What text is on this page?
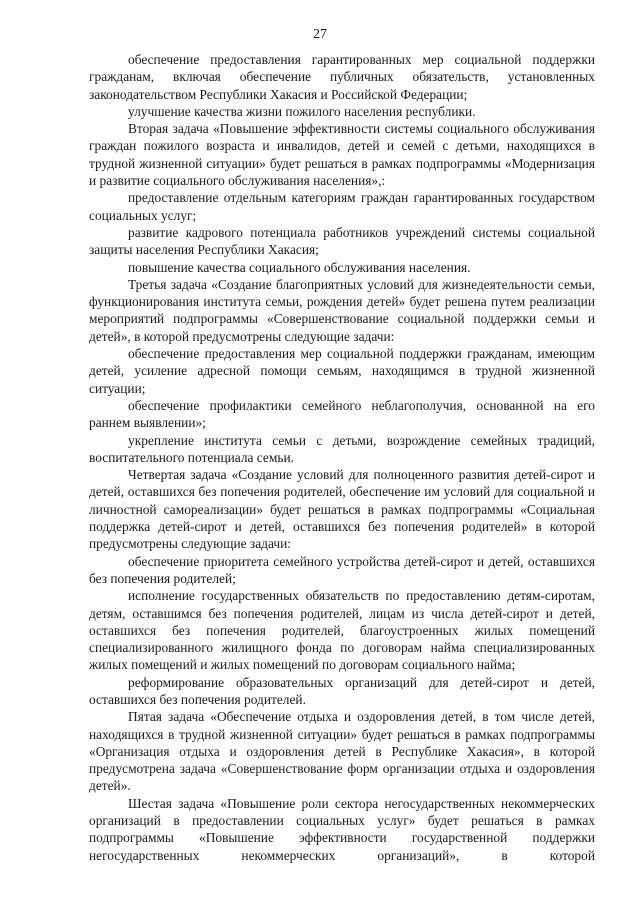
27

обеспечение предоставления гарантированных мер социальной поддержки гражданам, включая обеспечение публичных обязательств, установленных законодательством Республики Хакасия и Российской Федерации;

улучшение качества жизни пожилого населения республики.

Вторая задача «Повышение эффективности системы социального обслуживания граждан пожилого возраста и инвалидов, детей и семей с детьми, находящихся в трудной жизненной ситуации» будет решаться в рамках подпрограммы «Модернизация и развитие социального обслуживания населения»,:

предоставление отдельным категориям граждан гарантированных государством социальных услуг;

развитие кадрового потенциала работников учреждений системы социальной защиты населения Республики Хакасия;

повышение качества социального обслуживания населения.

Третья задача «Создание благоприятных условий для жизнедеятельности семьи, функционирования института семьи, рождения детей» будет решена путем реализации мероприятий подпрограммы «Совершенствование социальной поддержки семьи и детей», в которой предусмотрены следующие задачи:

обеспечение предоставления мер социальной поддержки гражданам, имеющим детей, усиление адресной помощи семьям, находящимся в трудной жизненной ситуации;

обеспечение профилактики семейного неблагополучия, основанной на его раннем выявлении»;

укрепление института семьи с детьми, возрождение семейных традиций, воспитательного потенциала семьи.

Четвертая задача «Создание условий для полноценного развития детей-сирот и детей, оставшихся без попечения родителей, обеспечение им условий для социальной и личностной самореализации» будет решаться в рамках подпрограммы «Социальная поддержка детей-сирот и детей, оставшихся без попечения родителей» в которой предусмотрены следующие задачи:

обеспечение приоритета семейного устройства детей-сирот и детей, оставшихся без попечения родителей;

исполнение государственных обязательств по предоставлению детям-сиротам, детям, оставшимся без попечения родителей, лицам из числа детей-сирот и детей, оставшихся без попечения родителей, благоустроенных жилых помещений специализированного жилищного фонда по договорам найма специализированных жилых помещений и жилых помещений по договорам социального найма;

реформирование образовательных организаций для детей-сирот и детей, оставшихся без попечения родителей.

Пятая задача «Обеспечение отдыха и оздоровления детей, в том числе детей, находящихся в трудной жизненной ситуации» будет решаться в рамках подпрограммы «Организация отдыха и оздоровления детей в Республике Хакасия», в которой предусмотрена задача «Совершенствование форм организации отдыха и оздоровления детей».

Шестая задача «Повышение роли сектора негосударственных некоммерческих организаций в предоставлении социальных услуг» будет решаться в рамках подпрограммы «Повышение эффективности государственной поддержки негосударственных некоммерческих организаций», в которой
